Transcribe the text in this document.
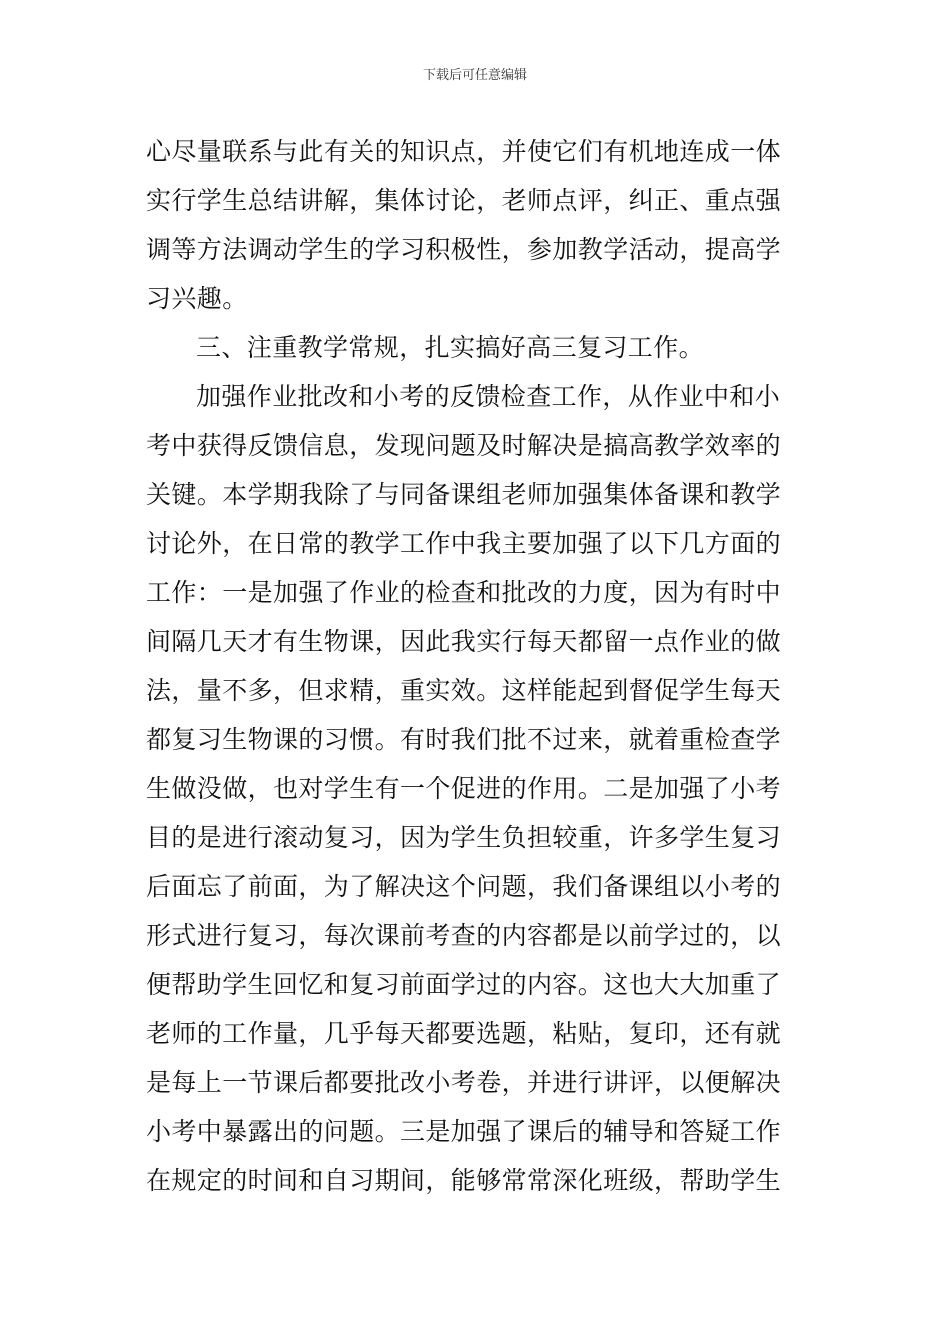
下载后可任意编辑
心尽量联系与此有关的知识点，并使它们有机地连成一体
实行学生总结讲解，集体讨论，老师点评，纠正、重点强
调等方法调动学生的学习积极性，参加教学活动，提高学
习兴趣。
三、注重教学常规，扎实搞好高三复习工作。
加强作业批改和小考的反馈检查工作，从作业中和小
考中获得反馈信息，发现问题及时解决是搞高教学效率的
关键。本学期我除了与同备课组老师加强集体备课和教学
讨论外，在日常的教学工作中我主要加强了以下几方面的
工作：一是加强了作业的检查和批改的力度，因为有时中
间隔几天才有生物课，因此我实行每天都留一点作业的做
法，量不多，但求精，重实效。这样能起到督促学生每天
都复习生物课的习惯。有时我们批不过来，就着重检查学
生做没做，也对学生有一个促进的作用。二是加强了小考
目的是进行滚动复习，因为学生负担较重，许多学生复习
后面忘了前面，为了解决这个问题，我们备课组以小考的
形式进行复习，每次课前考查的内容都是以前学过的，以
便帮助学生回忆和复习前面学过的内容。这也大大加重了
老师的工作量，几乎每天都要选题，粘贴，复印，还有就
是每上一节课后都要批改小考卷，并进行讲评，以便解决
小考中暴露出的问题。三是加强了课后的辅导和答疑工作
在规定的时间和自习期间，能够常常深化班级，帮助学生
